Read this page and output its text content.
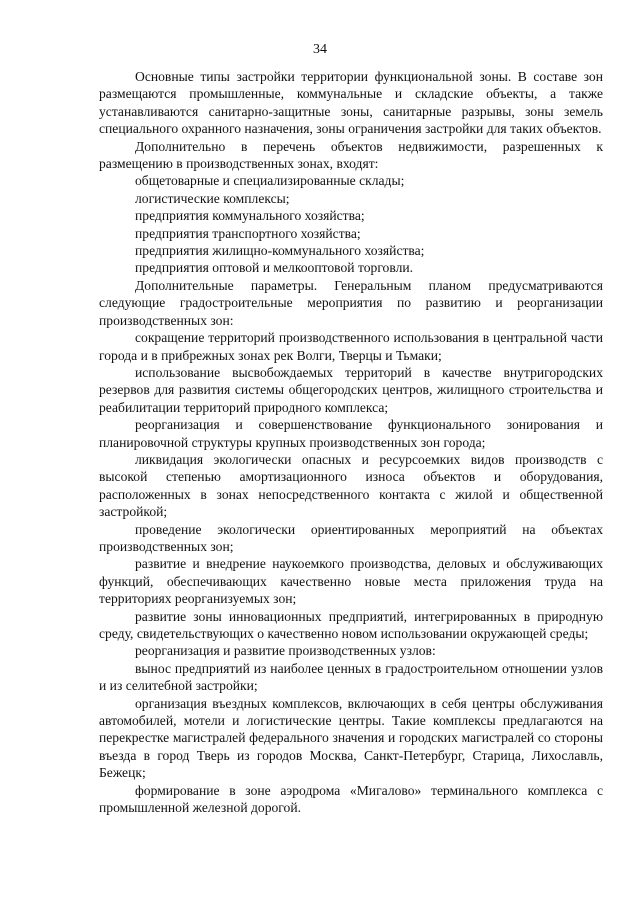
34

Основные типы застройки территории функциональной зоны. В составе зон размещаются промышленные, коммунальные и складские объекты, а также устанавливаются санитарно-защитные зоны, санитарные разрывы, зоны земель специального охранного назначения, зоны ограничения застройки для таких объектов.

Дополнительно в перечень объектов недвижимости, разрешенных к размещению в производственных зонах, входят:

общетоварные и специализированные склады;

логистические комплексы;

предприятия коммунального хозяйства;

предприятия транспортного хозяйства;

предприятия жилищно-коммунального хозяйства;

предприятия оптовой и мелкооптовой торговли.

Дополнительные параметры. Генеральным планом предусматриваются следующие градостроительные мероприятия по развитию и реорганизации производственных зон:

сокращение территорий производственного использования в центральной части города и в прибрежных зонах рек Волги, Тверцы и Тьмаки;

использование высвобождаемых территорий в качестве внутригородских резервов для развития системы общегородских центров, жилищного строительства и реабилитации территорий природного комплекса;

реорганизация и совершенствование функционального зонирования и планировочной структуры крупных производственных зон города;

ликвидация экологически опасных и ресурсоемких видов производств с высокой степенью амортизационного износа объектов и оборудования, расположенных в зонах непосредственного контакта с жилой и общественной застройкой;

проведение экологически ориентированных мероприятий на объектах производственных зон;

развитие и внедрение наукоемкого производства, деловых и обслуживающих функций, обеспечивающих качественно новые места приложения труда на территориях реорганизуемых зон;

развитие зоны инновационных предприятий, интегрированных в природную среду, свидетельствующих о качественно новом использовании окружающей среды;

реорганизация и развитие производственных узлов:

вынос предприятий из наиболее ценных в градостроительном отношении узлов и из селитебной застройки;

организация въездных комплексов, включающих в себя центры обслуживания автомобилей, мотели и логистические центры. Такие комплексы предлагаются на перекрестке магистралей федерального значения и городских магистралей со стороны въезда в город Тверь из городов Москва, Санкт-Петербург, Старица, Лихославль, Бежецк;

формирование в зоне аэродрома «Мигалово» терминального комплекса с промышленной железной дорогой.
